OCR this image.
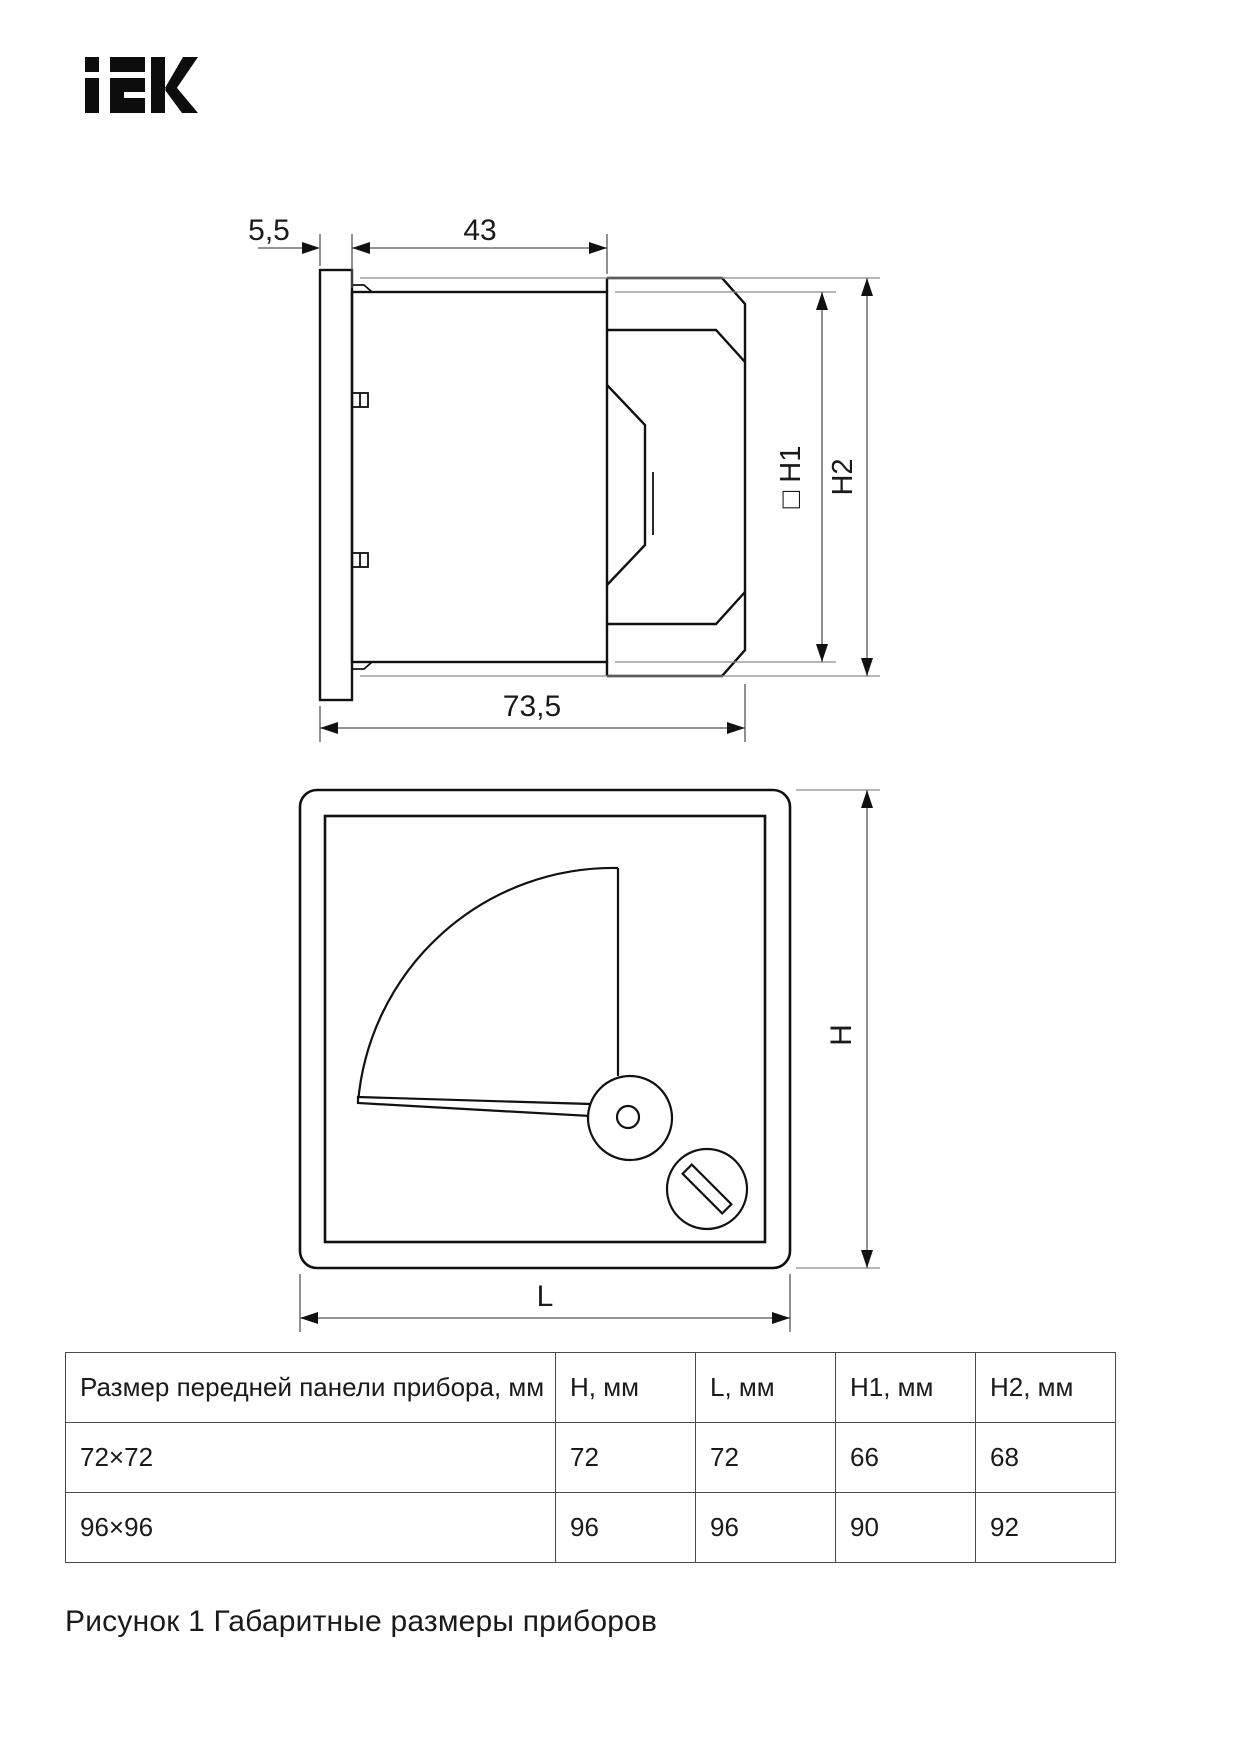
5,5	43
□ H1 H2
73,5
H
L
Размер передней панели прибора, мм	H, мм	L, мм	H1, мм	H2, мм
72×72	72	72	66	68
96×96	96	96	90	92
Рисунок 1 Габаритные размеры приборов
